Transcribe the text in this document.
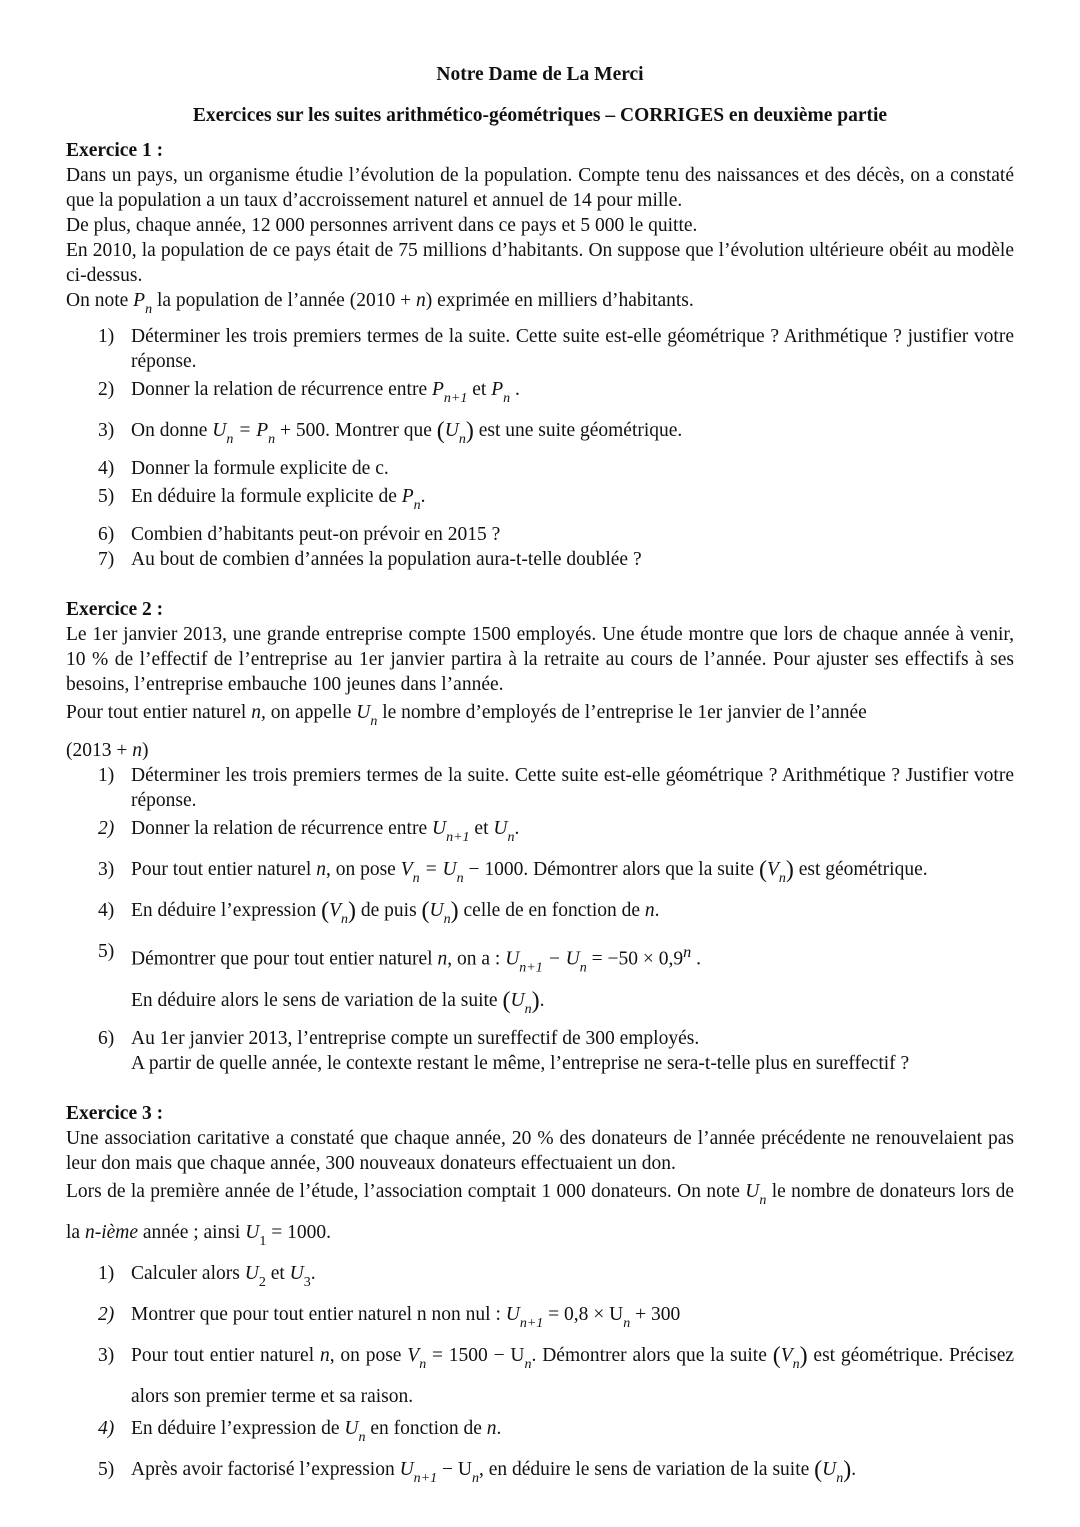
Notre Dame de La Merci

Exercices sur les suites arithmético-géométriques – CORRIGES en deuxième partie

Exercice 1 :

Dans un pays, un organisme étudie l’évolution de la population. Compte tenu des naissances et des décès, on a constaté que la population a un taux d’accroissement naturel et annuel de 14 pour mille.

De plus, chaque année, 12 000 personnes arrivent dans ce pays et 5 000 le quitte.

En 2010, la population de ce pays était de 75 millions d’habitants. On suppose que l’évolution ultérieure obéit au modèle ci-dessus.

On note $P_n$ la population de l’année (2010 + n) exprimée en milliers d’habitants.

1) Déterminer les trois premiers termes de la suite. Cette suite est-elle géométrique ? Arithmétique ? justifier votre réponse.
2) Donner la relation de récurrence entre $P_{n+1}$ et $P_n$ .
3) On donne $U_n = P_n + 500$. Montrer que $(U_n)$ est une suite géométrique.
4) Donner la formule explicite de c.
5) En déduire la formule explicite de $P_n$.
6) Combien d’habitants peut-on prévoir en 2015 ?
7) Au bout de combien d’années la population aura-t-telle doublée ?

Exercice 2 :

Le 1er janvier 2013, une grande entreprise compte 1500 employés. Une étude montre que lors de chaque année à venir, 10 % de l’effectif de l’entreprise au 1er janvier partira à la retraite au cours de l’année. Pour ajuster ses effectifs à ses besoins, l’entreprise embauche 100 jeunes dans l’année.

Pour tout entier naturel n, on appelle $U_n$ le nombre d’employés de l’entreprise le 1er janvier de l’année

(2013 + n)

1) Déterminer les trois premiers termes de la suite. Cette suite est-elle géométrique ? Arithmétique ? Justifier votre réponse.
2) Donner la relation de récurrence entre $U_{n+1}$ et $U_n$.
3) Pour tout entier naturel n, on pose $V_n = U_n - 1000$. Démontrer alors que la suite $(V_n)$ est géométrique.
4) En déduire l’expression $(V_n)$ de puis $(U_n)$ celle de en fonction de n.
5) Démontrer que pour tout entier naturel n, on a : $U_{n+1} - U_n = -50 \times 0,9^n$ .
En déduire alors le sens de variation de la suite $(U_n)$.
6) Au 1er janvier 2013, l’entreprise compte un sureffectif de 300 employés.
A partir de quelle année, le contexte restant le même, l’entreprise ne sera-t-telle plus en sureffectif ?

Exercice 3 :

Une association caritative a constaté que chaque année, 20 % des donateurs de l’année précédente ne renouvelaient pas leur don mais que chaque année, 300 nouveaux donateurs effectuaient un don.

Lors de la première année de l’étude, l’association comptait 1 000 donateurs. On note $U_n$ le nombre de donateurs lors de la n-ième année ; ainsi $U_1 = 1000$.

1) Calculer alors $U_2$ et $U_3$.
2) Montrer que pour tout entier naturel n non nul : $U_{n+1} = 0,8 \times U_n + 300$
3) Pour tout entier naturel n, on pose $V_n = 1500 - U_n$. Démontrer alors que la suite $(V_n)$ est géométrique. Précisez alors son premier terme et sa raison.
4) En déduire l’expression de $U_n$ en fonction de n.
5) Après avoir factorisé l’expression $U_{n+1} - U_n$, en déduire le sens de variation de la suite $(U_n)$.
